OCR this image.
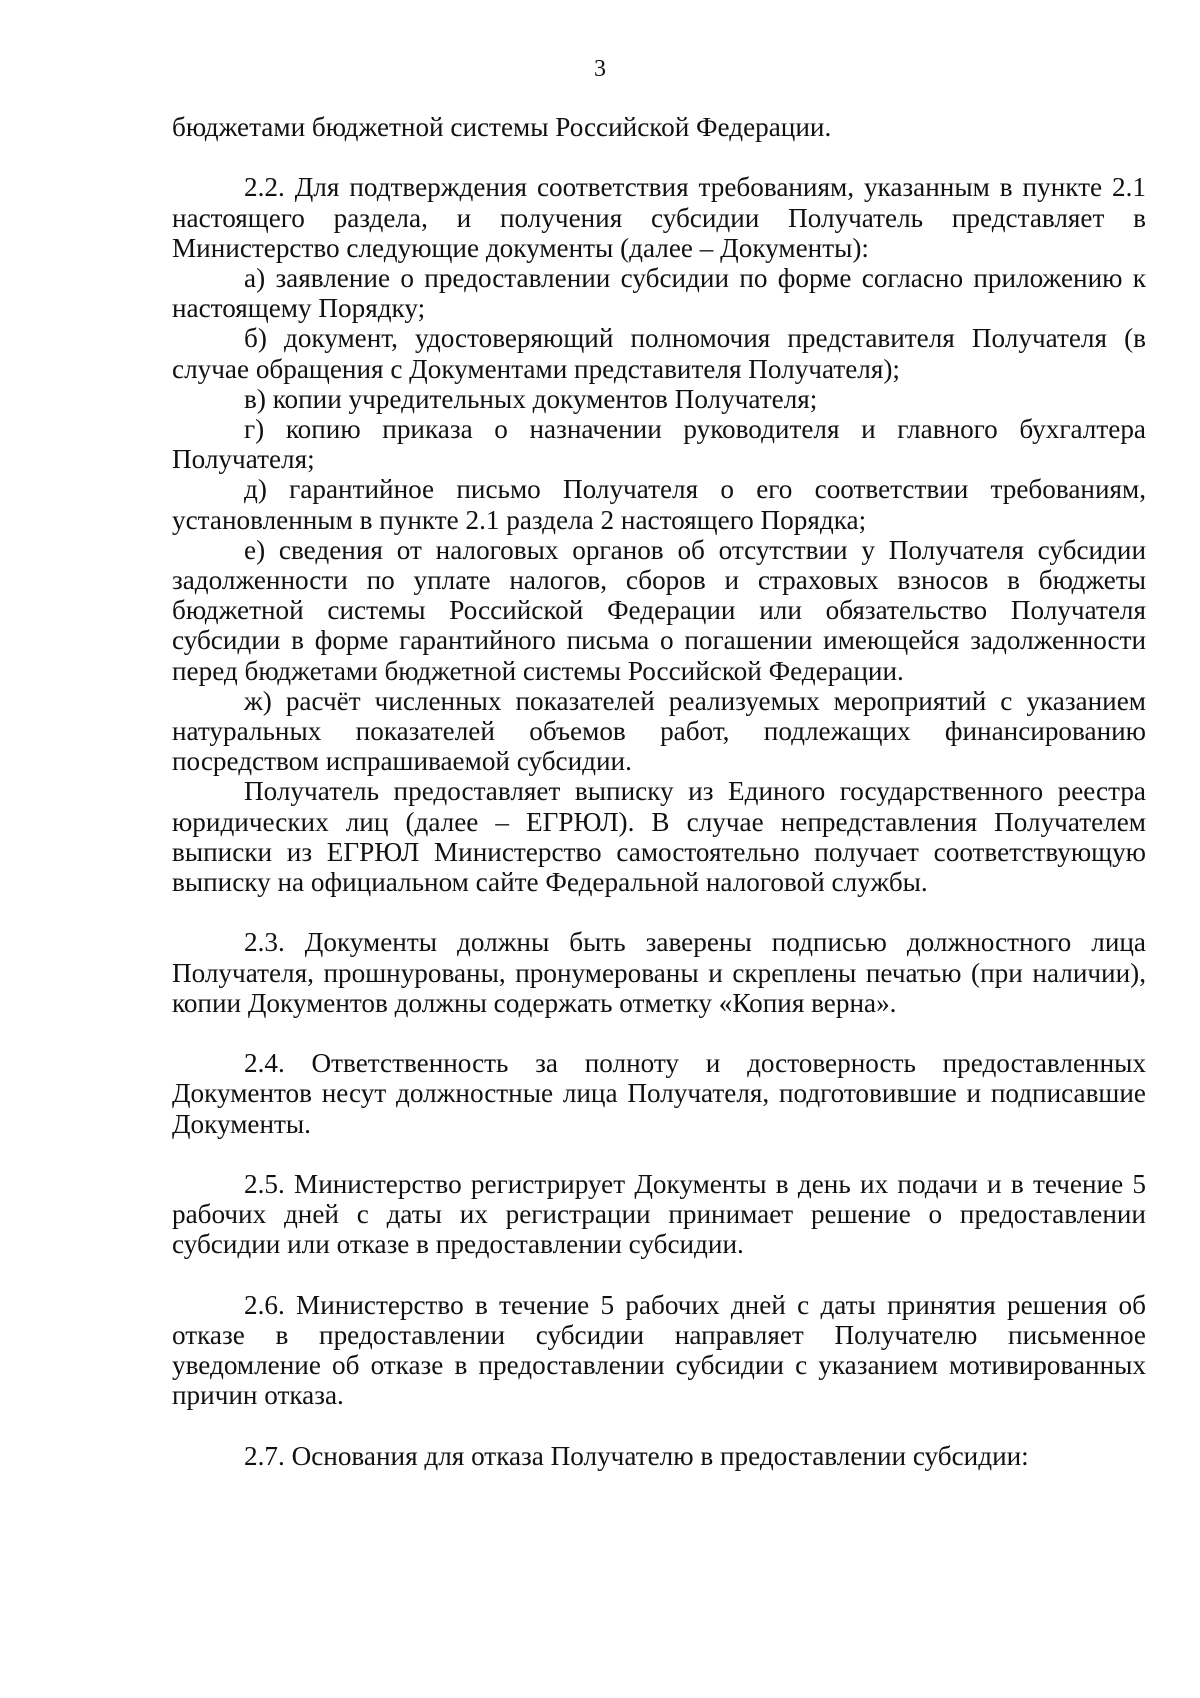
3

бюджетами бюджетной системы Российской Федерации.

2.2. Для подтверждения соответствия требованиям, указанным в пункте 2.1 настоящего раздела, и получения субсидии Получатель представляет в Министерство следующие документы (далее – Документы):

а) заявление о предоставлении субсидии по форме согласно приложению к настоящему Порядку;

б) документ, удостоверяющий полномочия представителя Получателя (в случае обращения с Документами представителя Получателя);

в) копии учредительных документов Получателя;

г) копию приказа о назначении руководителя и главного бухгалтера Получателя;

д) гарантийное письмо Получателя о его соответствии требованиям, установленным в пункте 2.1 раздела 2 настоящего Порядка;

е) сведения от налоговых органов об отсутствии у Получателя субсидии задолженности по уплате налогов, сборов и страховых взносов в бюджеты бюджетной системы Российской Федерации или обязательство Получателя субсидии в форме гарантийного письма о погашении имеющейся задолженности перед бюджетами бюджетной системы Российской Федерации.

ж) расчёт численных показателей реализуемых мероприятий с указанием натуральных показателей объемов работ, подлежащих финансированию посредством испрашиваемой субсидии.

Получатель предоставляет выписку из Единого государственного реестра юридических лиц (далее – ЕГРЮЛ). В случае непредставления Получателем выписки из ЕГРЮЛ Министерство самостоятельно получает соответствующую выписку на официальном сайте Федеральной налоговой службы.

2.3. Документы должны быть заверены подписью должностного лица Получателя, прошнурованы, пронумерованы и скреплены печатью (при наличии), копии Документов должны содержать отметку «Копия верна».

2.4. Ответственность за полноту и достоверность предоставленных Документов несут должностные лица Получателя, подготовившие и подписавшие Документы.

2.5. Министерство регистрирует Документы в день их подачи и в течение 5 рабочих дней с даты их регистрации принимает решение о предоставлении субсидии или отказе в предоставлении субсидии.

2.6. Министерство в течение 5 рабочих дней с даты принятия решения об отказе в предоставлении субсидии направляет Получателю письменное уведомление об отказе в предоставлении субсидии с указанием мотивированных причин отказа.

2.7. Основания для отказа Получателю в предоставлении субсидии:
